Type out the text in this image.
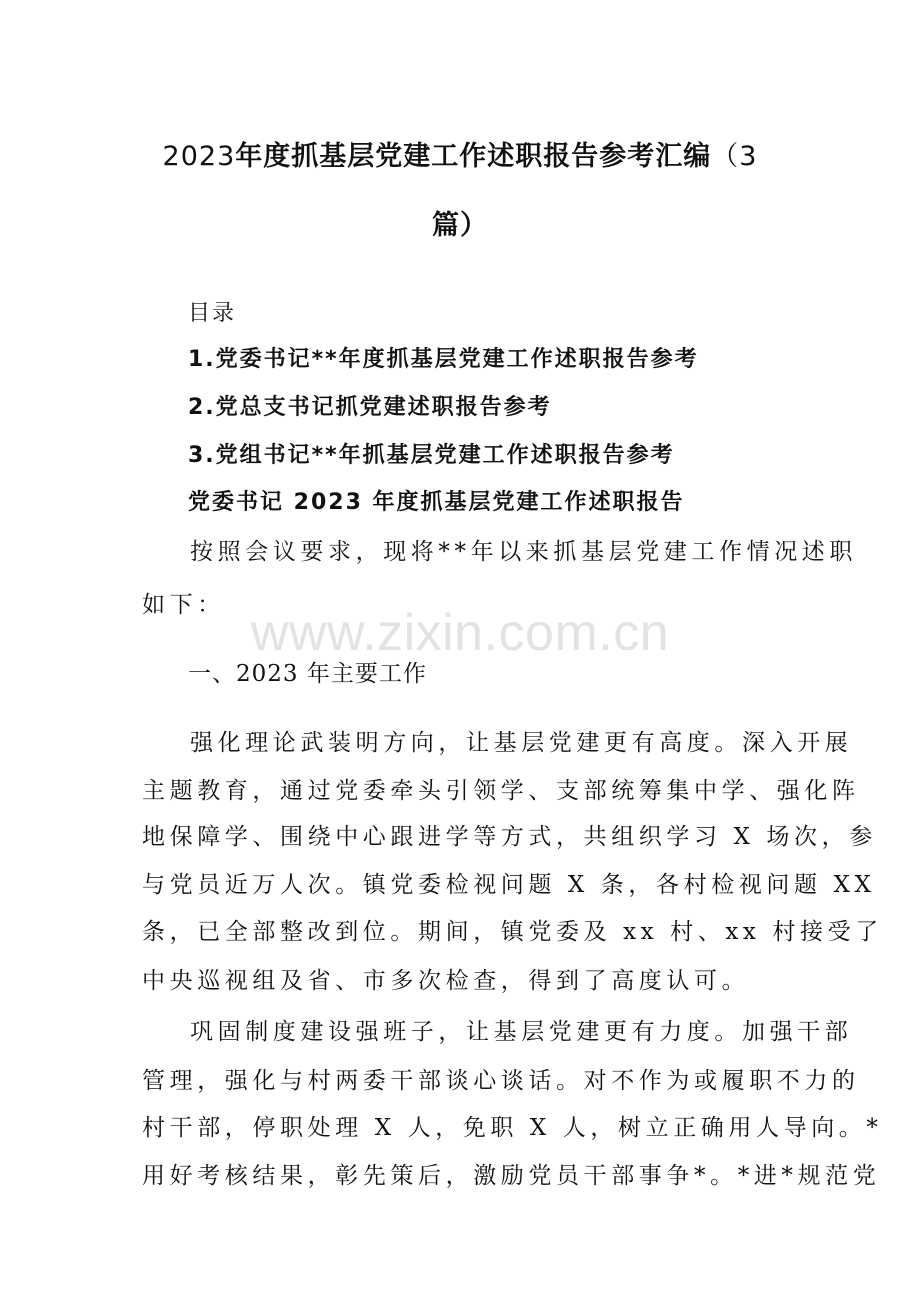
2023年度抓基层党建工作述职报告参考汇编（3
篇）
目录
1.党委书记**年度抓基层党建工作述职报告参考
2.党总支书记抓党建述职报告参考
3.党组书记**年抓基层党建工作述职报告参考
党委书记 2023 年度抓基层党建工作述职报告
按照会议要求，现将**年以来抓基层党建工作情况述职
如下： www.zixin.com.cn
一、2023 年主要工作
强化理论武装明方向，让基层党建更有高度。深入开展
主题教育，通过党委牵头引领学、支部统筹集中学、强化阵
地保障学、围绕中心跟进学等方式，共组织学习 X 场次，参
与党员近万人次。镇党委检视问题 X 条，各村检视问题 XX
条，已全部整改到位。期间，镇党委及 xx 村、xx 村接受了
中央巡视组及省、市多次检查，得到了高度认可。
巩固制度建设强班子，让基层党建更有力度。加强干部
管理，强化与村两委干部谈心谈话。对不作为或履职不力的
村干部，停职处理 X 人，免职 X 人，树立正确用人导向。*
用好考核结果，彰先策后，激励党员干部事争*。*进*规范党
